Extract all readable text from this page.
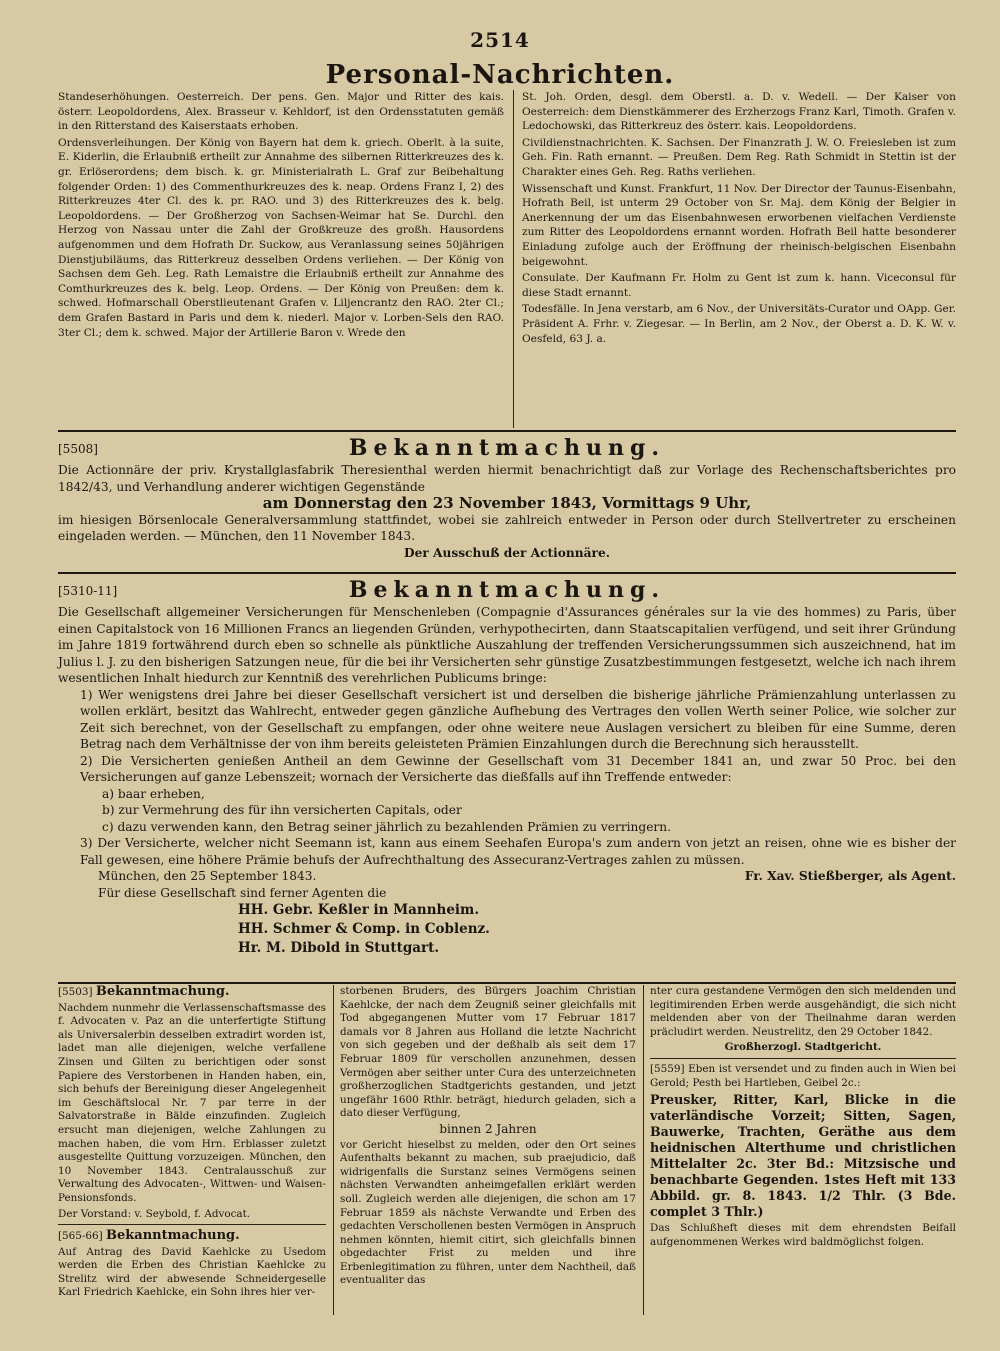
2514
Personal-Nachrichten.

Standeserhöhungen. Oesterreich. Der pens. Gen. Major und Ritter des kais. österr. Leopoldordens, Alex. Brasseur v. Kehldorf, ist den Ordensstatuten gemäß in den Ritterstand des Kaiserstaats erhoben.

Ordensverleihungen. Der König von Bayern hat dem k. griech. Oberlt. à la suite, E. Kiderlin, die Erlaubniß ertheilt zur Annahme des silbernen Ritterkreuzes des k. gr. Erlöserordens; dem bisch. k. gr. Ministerialrath L. Graf zur Beibehaltung folgender Orden: 1) des Commenthurkreuzes des k. neap. Ordens Franz I, 2) des Ritterkreuzes 4ter Cl. des k. pr. RAO. und 3) des Ritterkreuzes des k. belg. Leopoldordens. — Der Großherzog von Sachsen-Weimar hat Se. Durchl. den Herzog von Nassau unter die Zahl der Großkreuze des großh. Hausordens aufgenommen und dem Hofrath Dr. Suckow, aus Veranlassung seines 50jährigen Dienstjubiläums, das Ritterkreuz desselben Ordens verliehen. — Der König von Sachsen dem Geh. Leg. Rath Lemaistre die Erlaubniß ertheilt zur Annahme des Comthurkreuzes des k. belg. Leop. Ordens. — Der König von Preußen: dem k. schwed. Hofmarschall Oberstlieutenant Grafen v. Liljencrantz den RAO. 2ter Cl.; dem Grafen Bastard in Paris und dem k. niederl. Major v. Lorben-Sels den RAO. 3ter Cl.; dem k. schwed. Major der Artillerie Baron v. Wrede den

St. Joh. Orden, desgl. dem Oberstl. a. D. v. Wedell. — Der Kaiser von Oesterreich: dem Dienstkämmerer des Erzherzogs Franz Karl, Timoth. Grafen v. Ledochowski, das Ritterkreuz des österr. kais. Leopoldordens.

Civildienstnachrichten. K. Sachsen. Der Finanzrath J. W. O. Freiesleben ist zum Geh. Fin. Rath ernannt. — Preußen. Dem Reg. Rath Schmidt in Stettin ist der Charakter eines Geh. Reg. Raths verliehen.

Wissenschaft und Kunst. Frankfurt, 11 Nov. Der Director der Taunus-Eisenbahn, Hofrath Beil, ist unterm 29 October von Sr. Maj. dem König der Belgier in Anerkennung der um das Eisenbahnwesen erworbenen vielfachen Verdienste zum Ritter des Leopoldordens ernannt worden. Hofrath Beil hatte besonderer Einladung zufolge auch der Eröffnung der rheinisch-belgischen Eisenbahn beigewohnt.

Consulate. Der Kaufmann Fr. Holm zu Gent ist zum k. hann. Viceconsul für diese Stadt ernannt.

Todesfälle. In Jena verstarb, am 6 Nov., der Universitäts-Curator und OApp. Ger. Präsident A. Frhr. v. Ziegesar. — In Berlin, am 2 Nov., der Oberst a. D. K. W. v. Oesfeld, 63 J. a.

[5508]	Bekanntmachung.

Die Actionnäre der priv. Krystallglasfabrik Theresienthal werden hiermit benachrichtigt daß zur Vorlage des Rechenschaftsberichtes pro 1842/43, und Verhandlung anderer wichtigen Gegenstände

am Donnerstag den 23 November 1843, Vormittags 9 Uhr,

im hiesigen Börsenlocale Generalversammlung stattfindet, wobei sie zahlreich entweder in Person oder durch Stellvertreter zu erscheinen eingeladen werden. — München, den 11 November 1843.

Der Ausschuß der Actionnäre.
[5310-11]	Bekanntmachung.

Die Gesellschaft allgemeiner Versicherungen für Menschenleben (Compagnie d'Assurances générales sur la vie des hommes) zu Paris, über einen Capitalstock von 16 Millionen Francs an liegenden Gründen, verhypothecirten, dann Staatscapitalien verfügend, und seit ihrer Gründung im Jahre 1819 fortwährend durch eben so schnelle als pünktliche Auszahlung der treffenden Versicherungssummen sich auszeichnend, hat im Julius l. J. zu den bisherigen Satzungen neue, für die bei ihr Versicherten sehr günstige Zusatzbestimmungen festgesetzt, welche ich nach ihrem wesentlichen Inhalt hiedurch zur Kenntniß des verehrlichen Publicums bringe:

1) Wer wenigstens drei Jahre bei dieser Gesellschaft versichert ist und derselben die bisherige jährliche Prämienzahlung unterlassen zu wollen erklärt, besitzt das Wahlrecht, entweder gegen gänzliche Aufhebung des Vertrages den vollen Werth seiner Police, wie solcher zur Zeit sich berechnet, von der Gesellschaft zu empfangen, oder ohne weitere neue Auslagen versichert zu bleiben für eine Summe, deren Betrag nach dem Verhältnisse der von ihm bereits geleisteten Prämien Einzahlungen durch die Berechnung sich herausstellt.

2) Die Versicherten genießen Antheil an dem Gewinne der Gesellschaft vom 31 December 1841 an, und zwar 50 Proc. bei den Versicherungen auf ganze Lebenszeit; wornach der Versicherte das dießfalls auf ihn Treffende entweder:

a) baar erheben,

b) zur Vermehrung des für ihn versicherten Capitals, oder

c) dazu verwenden kann, den Betrag seiner jährlich zu bezahlenden Prämien zu verringern.

3) Der Versicherte, welcher nicht Seemann ist, kann aus einem Seehafen Europa's zum andern von jetzt an reisen, ohne wie es bisher der Fall gewesen, eine höhere Prämie behufs der Aufrechthaltung des Assecuranz-Vertrages zahlen zu müssen.

München, den 25 September 1843.	Fr. Xav. Stießberger, als Agent.

Für diese Gesellschaft sind ferner Agenten die

HH. Gebr. Keßler in Mannheim.
HH. Schmer & Comp. in Coblenz.
Hr. M. Dibold in Stuttgart.

[5503] Bekanntmachung.

Nachdem nunmehr die Verlassenschaftsmasse des f. Advocaten v. Paz an die unterfertigte Stiftung als Universalerbin desselben extradirt worden ist, ladet man alle diejenigen, welche verfallene Zinsen und Gilten zu berichtigen oder sonst Papiere des Verstorbenen in Handen haben, ein, sich behufs der Bereinigung dieser Angelegenheit im Geschäftslocal Nr. 7 par terre in der Salvatorstraße in Bälde einzufinden. Zugleich ersucht man diejenigen, welche Zahlungen zu machen haben, die vom Hrn. Erblasser zuletzt ausgestellte Quittung vorzuzeigen. München, den 10 November 1843. Centralausschuß zur Verwaltung des Advocaten-, Wittwen- und Waisen-Pensionsfonds.

Der Vorstand: v. Seybold, f. Advocat.

[565-66] Bekanntmachung.

Auf Antrag des David Kaehlcke zu Usedom werden die Erben des Christian Kaehlcke zu Strelitz wird der abwesende Schneidergeselle Karl Friedrich Kaehlcke, ein Sohn ihres hier ver-

storbenen Bruders, des Bürgers Joachim Christian Kaehlcke, der nach dem Zeugniß seiner gleichfalls mit Tod abgegangenen Mutter vom 17 Februar 1817 damals vor 8 Jahren aus Holland die letzte Nachricht von sich gegeben und der deßhalb als seit dem 17 Februar 1809 für verschollen anzunehmen, dessen Vermögen aber seither unter Cura des unterzeichneten großherzoglichen Stadtgerichts gestanden, und jetzt ungefähr 1600 Rthlr. beträgt, hiedurch geladen, sich a dato dieser Verfügung,

binnen 2 Jahren

vor Gericht hieselbst zu melden, oder den Ort seines Aufenthalts bekannt zu machen, sub praejudicio, daß widrigenfalls die Surstanz seines Vermögens seinen nächsten Verwandten anheimgefallen erklärt werden soll. Zugleich werden alle diejenigen, die schon am 17 Februar 1859 als nächste Verwandte und Erben des gedachten Verschollenen besten Vermögen in Anspruch nehmen könnten, hiemit citirt, sich gleichfalls binnen obgedachter Frist zu melden und ihre Erbenlegitimation zu führen, unter dem Nachtheil, daß eventualiter das

nter cura gestandene Vermögen den sich meldenden und legitimirenden Erben werde ausgehändigt, die sich nicht meldenden aber von der Theilnahme daran werden präcludirt werden. Neustrelitz, den 29 October 1842.

Großherzogl. Stadtgericht.

[5559] Eben ist versendet und zu finden auch in Wien bei Gerold; Pesth bei Hartleben, Geibel 2c.:

Preusker, Ritter, Karl, Blicke in die vaterländische Vorzeit; Sitten, Sagen, Bauwerke, Trachten, Geräthe aus dem heidnischen Alterthume und christlichen Mittelalter 2c. 3ter Bd.: Mitzsische und benachbarte Gegenden. 1stes Heft mit 133 Abbild. gr. 8. 1843. 1/2 Thlr. (3 Bde. complet 3 Thlr.)

Das Schlußheft dieses mit dem ehrendsten Beifall aufgenommenen Werkes wird baldmöglichst folgen.
